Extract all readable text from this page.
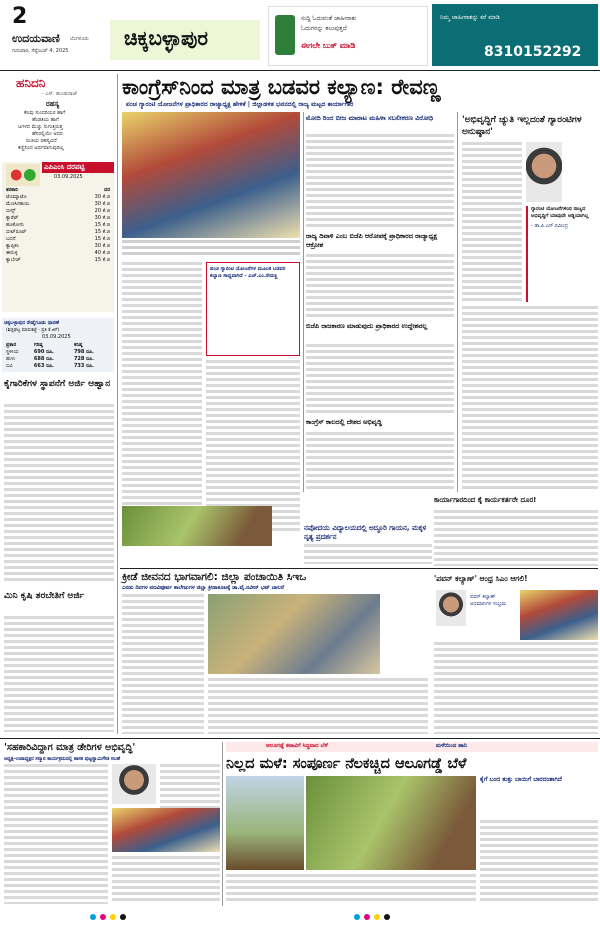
2
ಉದಯವಾಣಿ ಬೆಂಗಳೂರು
ಗುರುವಾರ, ಸೆಪ್ಟೆಂಬರ್ 4, 2025
ಚಿಕ್ಕಬಳ್ಳಾಪುರ
ಸುದ್ದಿ ಓದುವಂತೆ ಜಾಹೀರಾತು
ಓದುಗರನ್ನು ತಲುಪುತ್ತದೆ
ಈಗಲೇ ಬುಕ್ ಮಾಡಿ
ನಿಮ್ಮ ಜಾಹೀರಾತನ್ನು ಕರೆ ಮಾಡಿ
8310152292
ಹನಿದನಿ
- ಎಸ್. ಹುಂಡುರಾಜ್
ರಹಸ್ಯ
ಕೆಲವು ಸುಂದರಿಯರ ಹಾಗೆ
ಹೆಂಡತಿಯ ಹಾಗೆ
ಜಗಳದ ಮೆಚ್ಚು ಸುಗುತ್ತಿರುತ್ತ
ಹೆಸರಲ್ಲಿಯೇ ಅದರ
ರುಚಿಯ ರಹಸ್ಯವಿದೆ
ಕಣ್ಣಿನಿಂದ ಅರ್ಥವಾಗುವುದಿಲ್ಲ
ಎಪಿಎಂಸಿ ದರಪಟ್ಟಿ
03.09.2025
ತರಕಾರಿ	ದರ
ಟೊಮ್ಯಾಟೊ	30 ಕೆ.ಜಿ
ಮೆಣಸಿನಕಾಯಿ	30 ಕೆ.ಜಿ
ಬೀನ್ಸ್	20 ಕೆ.ಜಿ
ಕ್ಯಾರೆಟ್	30 ಕೆ.ಜಿ
ಹೂಕೋಸು	15 ಕೆ.ಜಿ
ಬೀಟ್‌ರೂಟ್	15 ಕೆ.ಜಿ
ಬದನೆ	15 ಕೆ.ಜಿ
ಕ್ಯಾಪ್ಸಿಕಂ	30 ಕೆ.ಜಿ
ಈರುಳ್ಳಿ	40 ಕೆ.ಜಿ
ಕ್ಯಾಬೇಜ್	15 ಕೆ.ಜಿ
ಚಿಕ್ಕಬಳ್ಳಾಪುರ ರೇಷ್ಮೆಗೂಡು ಧಾರಣೆ
(ಶಿಡ್ಲಘಟ್ಟ ಮಾರುಕಟ್ಟೆ - ಪ್ರತಿ ಕೆ.ಜಿಗೆ)
03.09.2025
ಪ್ರಕಾರ	ಗರಿಷ್ಠ	ಕನಿಷ್ಠ
ಸ್ಥಳೀಯ	690 ರೂ.	798 ರೂ.
ಹುಳು	688 ರೂ.	728 ರೂ.
ಬಿವಿ	663 ರೂ.	733 ರೂ.
ಕೈಗಾರಿಕೆಗಳ ಸ್ಥಾಪನೆಗೆ ಅರ್ಜಿ ಆಹ್ವಾನ
ಮಿನಿ ಕೃಷಿ ತರಬೇತಿಗೆ ಅರ್ಜಿ
ಕಾಂಗ್ರೆಸ್‌ನಿಂದ ಮಾತ್ರ ಬಡವರ ಕಲ್ಯಾಣ: ರೇವಣ್ಣ
ಪಂಚ ಗ್ಯಾರಂಟಿ ಯೋಜನೆಗಳ ಪ್ರಾಧಿಕಾರದ ರಾಜ್ಯಾಧ್ಯಕ್ಷ ಹೇಳಿಕೆ | ಜಿಲ್ಲಾಡಳಿತ ಭವನದಲ್ಲಿ ರಾಜ್ಯ ಮಟ್ಟದ ಕಾರ್ಯಾಗಾರ
ಪಂಚ ಗ್ಯಾರಂಟಿ ಯೋಜನೆಗಳ ಮೂಲಕ ಬಡವರ ಕಲ್ಯಾಣ ಸಾಧ್ಯವಾಗಿದೆ - ಎಚ್.ಎಂ.ರೇವಣ್ಣ
ಮೋದಿ ರಿಂದ ಬೀಜ ಮಾರಾಟ ಮಹಿಳಾ ಸಬಲೀಕರಣ ವಿರೋಧಿ
ರಾಜ್ಯ ದಿವಾಳಿ ಎಂಬ ಬಿಜೆಪಿ ಆರೋಪಕ್ಕೆ ಪ್ರಾಧಿಕಾರದ ರಾಜ್ಯಾಧ್ಯಕ್ಷ ಆಕ್ರೋಶ
ಬಿಜೆಪಿ ರಾಜಕಾರಣ ಮಾಡುವುದು ಪ್ರಾಧಿಕಾರದ ಉದ್ದೇಶವಲ್ಲ
ಕಾಂಗ್ರೆಸ್ ಕಾಲದಲ್ಲಿ ದೇಶದ ಅಭಿವೃದ್ಧಿ
'ಅಭಿವೃದ್ಧಿಗೆ ಚ್ಯುತಿ ಇಲ್ಲದಂತೆ ಗ್ಯಾರಂಟಿಗಳ ಅನುಷ್ಠಾನ'
ಗ್ಯಾರಂಟಿ ಯೋಜನೆಗಳಿಂದ ರಾಜ್ಯದ ಅಭಿವೃದ್ಧಿಗೆ ಯಾವುದೇ ಅಡ್ಡಿಯಾಗಿಲ್ಲ
- ಡಾ.ಪಿ.ಎನ್.ರವೀಂದ್ರ
ಕಾರ್ಯಾಗಾರದಿಂದ ಕೈ ಕಾರ್ಯಕರ್ತರೇ ದೂರ!
ನವೋದಯ ವಿದ್ಯಾಲಯದಲ್ಲಿ ಅದ್ಧೂರಿ ಗಾಯನ, ಮಕ್ಕಳ ನೃತ್ಯ ಪ್ರದರ್ಶನ
ಕ್ರೀಡೆ ಜೀವನದ ಭಾಗವಾಗಲಿ: ಜಿಲ್ಲಾ ಪಂಚಾಯಿತಿ ಸಿಇಒ
ಎರಡು ದಿನಗಳ ಪದವಿಪೂರ್ವ ಕಾಲೇಜುಗಳ ಜಿಲ್ಲಾ ಕ್ರೀಡಾಕೂಟಕ್ಕೆ ಡಾ.ವೈ.ನವೀನ್ ಭಟ್ ಚಾಲನೆ
'ಪವನ್ ಕಲ್ಯಾಣ್' ಆಂಧ್ರ ಸಿಎಂ ಆಗಲಿ!
ಪವನ್ ಕಲ್ಯಾಣ್ ಅಭಿಮಾನಿಗಳ ಸಂಭ್ರಮ
'ಸಹಕಾರಿವಿದ್ದಾಗ ಮಾತ್ರ ಡೇರಿಗಳ ಅಭಿವೃದ್ಧಿ'
ಅಧ್ಯಕ್ಷ-ಉಪಾಧ್ಯಕ್ಷರ ಸನ್ಮಾನ ಕಾರ್ಯಕ್ರಮದಲ್ಲಿ ಶಾಸಕ ಪುಟ್ಟಸ್ವಾಮಿಗೌಡ ಸಲಹೆ
ಆಲೂಗಡ್ಡೆ ಕಟಾವಿಗೆ ಸಿದ್ಧವಾದ ಬೆಳೆ	ಮಳೆಯಿಂದ ಹಾನಿ
ನಿಲ್ಲದ ಮಳೆ: ಸಂಪೂರ್ಣ ನೆಲಕಚ್ಚಿದ ಆಲೂಗಡ್ಡೆ ಬೆಳೆ
ಕೈಗೆ ಬಂದ ತುತ್ತು ಬಾಯಿಗೆ ಬಾರದಂತಾಗಿದೆ
